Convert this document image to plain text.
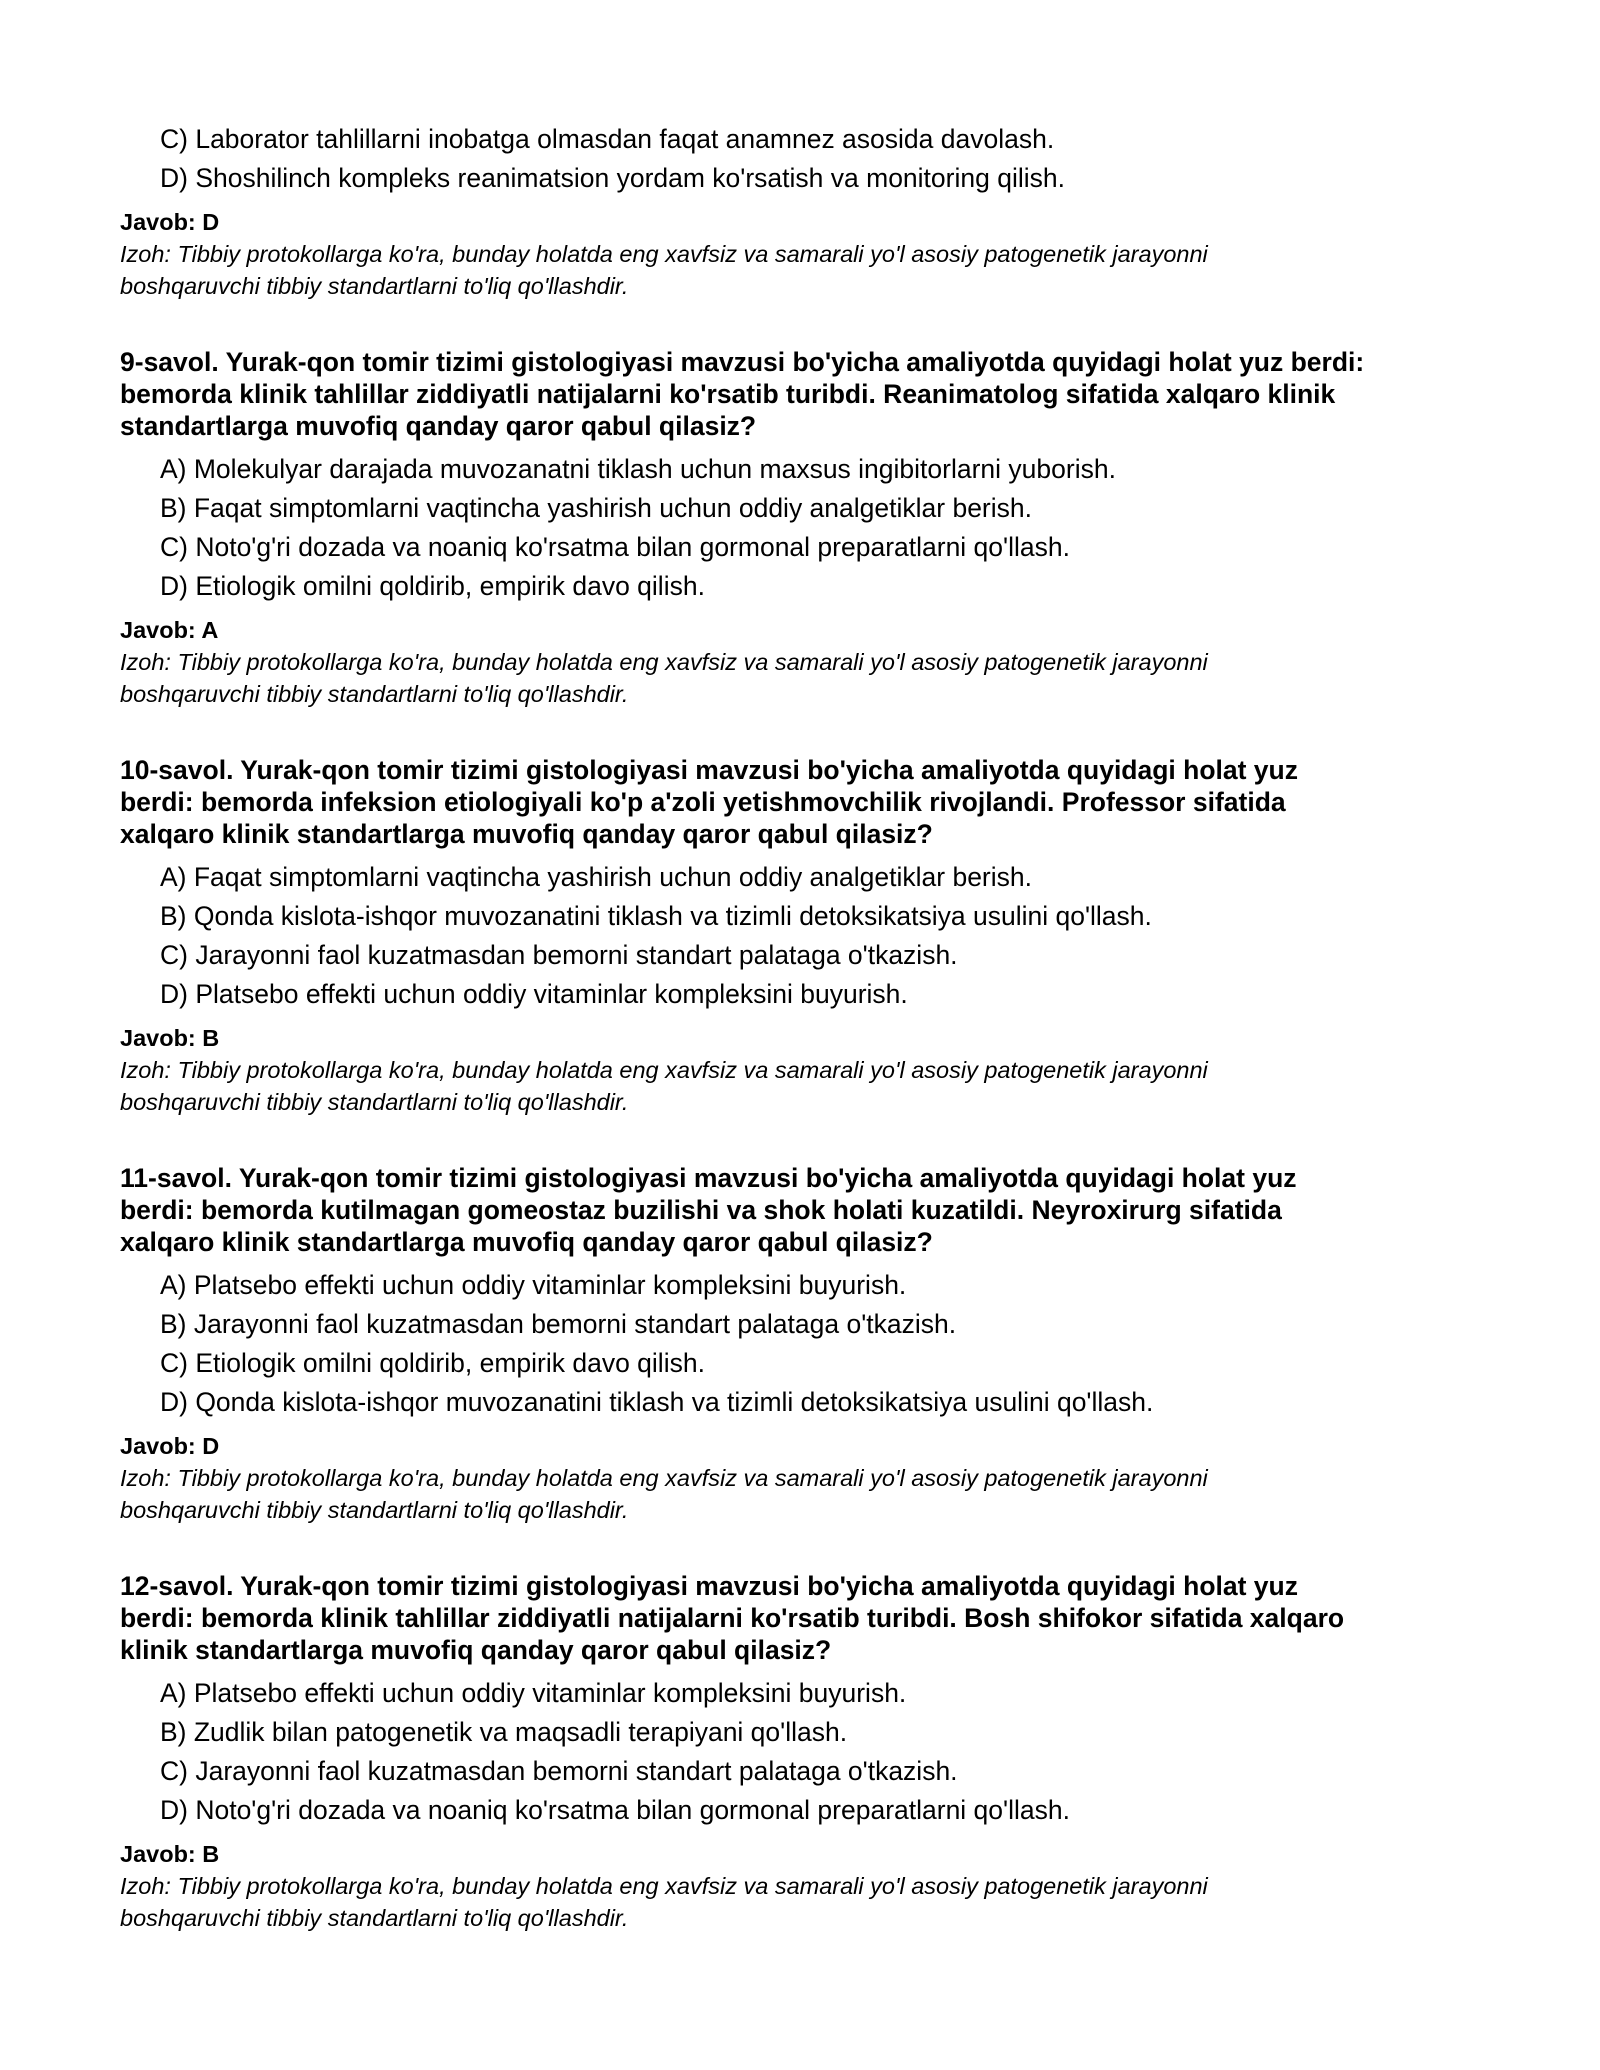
C) Laborator tahlillarni inobatga olmasdan faqat anamnez asosida davolash.

D) Shoshilinch kompleks reanimatsion yordam ko'rsatish va monitoring qilish.

Javob: D

Izoh: Tibbiy protokollarga ko'ra, bunday holatda eng xavfsiz va samarali yo'l asosiy patogenetik jarayonni
boshqaruvchi tibbiy standartlarni to'liq qo'llashdir.

9-savol. Yurak-qon tomir tizimi gistologiyasi mavzusi bo'yicha amaliyotda quyidagi holat yuz berdi:
bemorda klinik tahlillar ziddiyatli natijalarni ko'rsatib turibdi. Reanimatolog sifatida xalqaro klinik
standartlarga muvofiq qanday qaror qabul qilasiz?

A) Molekulyar darajada muvozanatni tiklash uchun maxsus ingibitorlarni yuborish.

B) Faqat simptomlarni vaqtincha yashirish uchun oddiy analgetiklar berish.

C) Noto'g'ri dozada va noaniq ko'rsatma bilan gormonal preparatlarni qo'llash.

D) Etiologik omilni qoldirib, empirik davo qilish.

Javob: A

Izoh: Tibbiy protokollarga ko'ra, bunday holatda eng xavfsiz va samarali yo'l asosiy patogenetik jarayonni
boshqaruvchi tibbiy standartlarni to'liq qo'llashdir.

10-savol. Yurak-qon tomir tizimi gistologiyasi mavzusi bo'yicha amaliyotda quyidagi holat yuz
berdi: bemorda infeksion etiologiyali ko'p a'zoli yetishmovchilik rivojlandi. Professor sifatida
xalqaro klinik standartlarga muvofiq qanday qaror qabul qilasiz?

A) Faqat simptomlarni vaqtincha yashirish uchun oddiy analgetiklar berish.

B) Qonda kislota-ishqor muvozanatini tiklash va tizimli detoksikatsiya usulini qo'llash.

C) Jarayonni faol kuzatmasdan bemorni standart palataga o'tkazish.

D) Platsebo effekti uchun oddiy vitaminlar kompleksini buyurish.

Javob: B

Izoh: Tibbiy protokollarga ko'ra, bunday holatda eng xavfsiz va samarali yo'l asosiy patogenetik jarayonni
boshqaruvchi tibbiy standartlarni to'liq qo'llashdir.

11-savol. Yurak-qon tomir tizimi gistologiyasi mavzusi bo'yicha amaliyotda quyidagi holat yuz
berdi: bemorda kutilmagan gomeostaz buzilishi va shok holati kuzatildi. Neyroxirurg sifatida
xalqaro klinik standartlarga muvofiq qanday qaror qabul qilasiz?

A) Platsebo effekti uchun oddiy vitaminlar kompleksini buyurish.

B) Jarayonni faol kuzatmasdan bemorni standart palataga o'tkazish.

C) Etiologik omilni qoldirib, empirik davo qilish.

D) Qonda kislota-ishqor muvozanatini tiklash va tizimli detoksikatsiya usulini qo'llash.

Javob: D

Izoh: Tibbiy protokollarga ko'ra, bunday holatda eng xavfsiz va samarali yo'l asosiy patogenetik jarayonni
boshqaruvchi tibbiy standartlarni to'liq qo'llashdir.

12-savol. Yurak-qon tomir tizimi gistologiyasi mavzusi bo'yicha amaliyotda quyidagi holat yuz
berdi: bemorda klinik tahlillar ziddiyatli natijalarni ko'rsatib turibdi. Bosh shifokor sifatida xalqaro
klinik standartlarga muvofiq qanday qaror qabul qilasiz?

A) Platsebo effekti uchun oddiy vitaminlar kompleksini buyurish.

B) Zudlik bilan patogenetik va maqsadli terapiyani qo'llash.

C) Jarayonni faol kuzatmasdan bemorni standart palataga o'tkazish.

D) Noto'g'ri dozada va noaniq ko'rsatma bilan gormonal preparatlarni qo'llash.

Javob: B

Izoh: Tibbiy protokollarga ko'ra, bunday holatda eng xavfsiz va samarali yo'l asosiy patogenetik jarayonni
boshqaruvchi tibbiy standartlarni to'liq qo'llashdir.
